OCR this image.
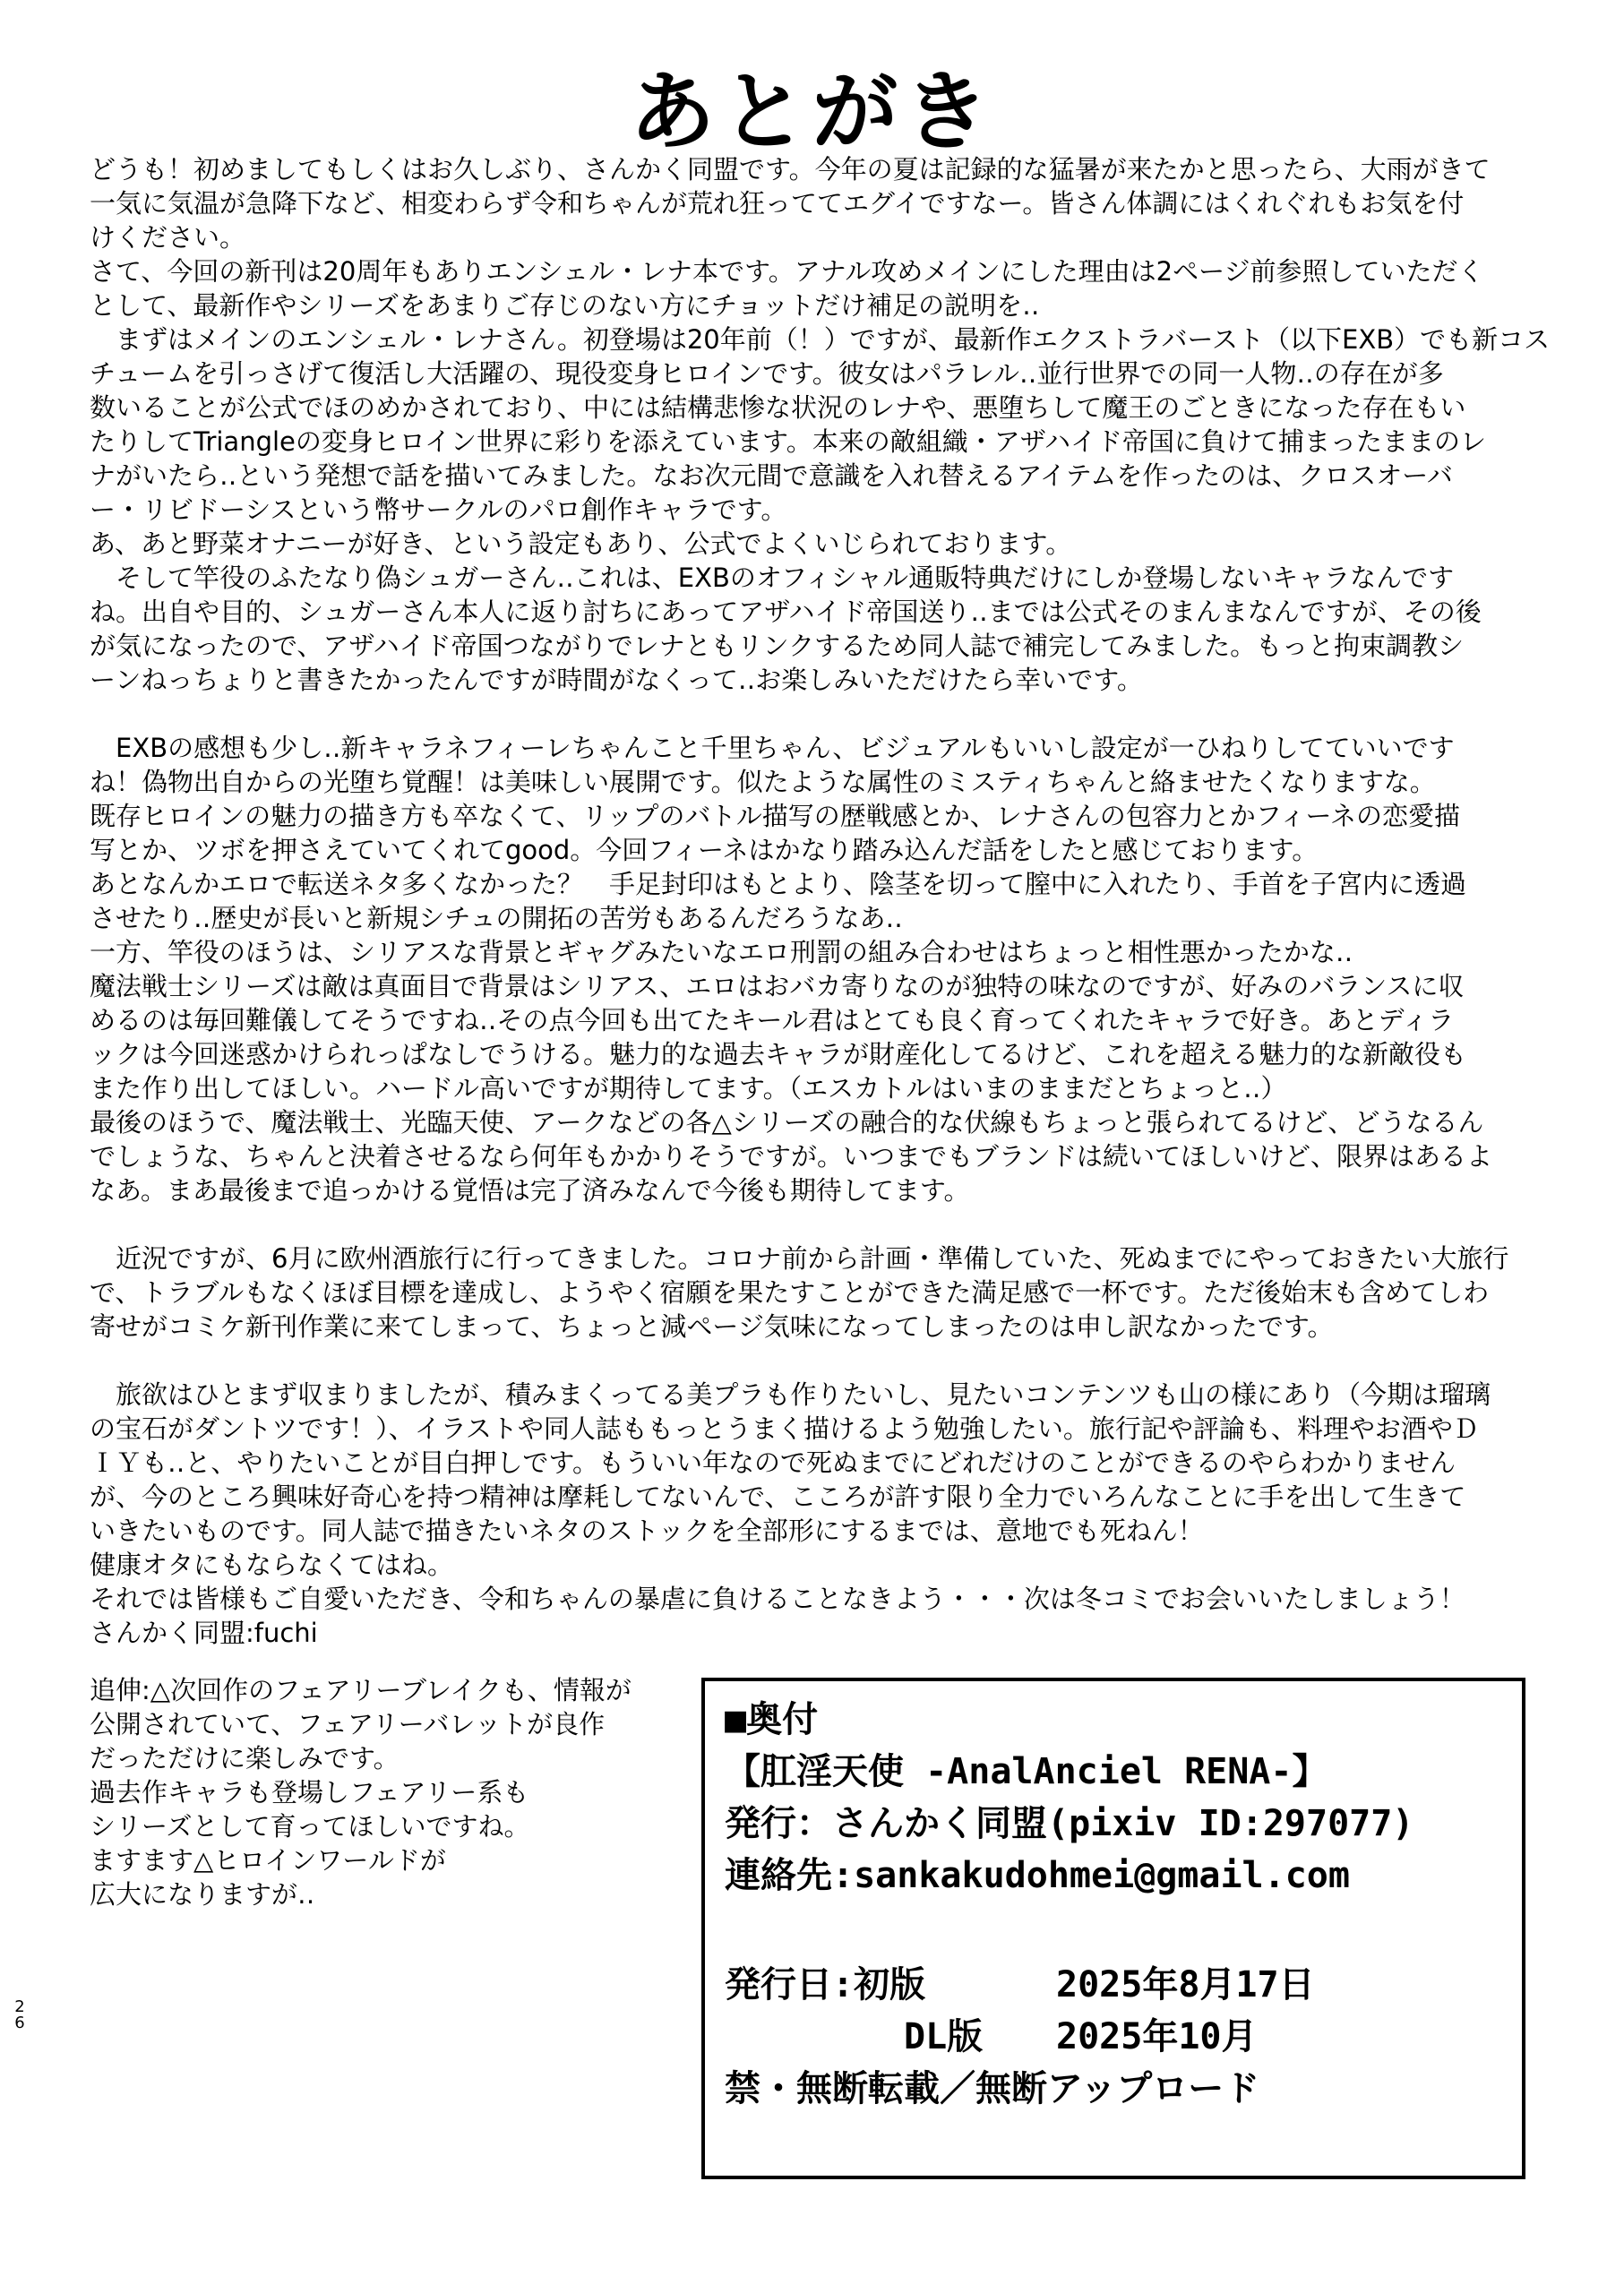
あとがき
どうも！初めましてもしくはお久しぶり、さんかく同盟です。今年の夏は記録的な猛暑が来たかと思ったら、大雨がきて
一気に気温が急降下など、相変わらず令和ちゃんが荒れ狂っててエグイですなー。皆さん体調にはくれぐれもお気を付
けください。
さて、今回の新刊は20周年もありエンシェル・レナ本です。アナル攻めメインにした理由は2ページ前参照していただく
として、最新作やシリーズをあまりご存じのない方にチョットだけ補足の説明を‥
　まずはメインのエンシェル・レナさん。初登場は20年前（！）ですが、最新作エクストラバースト（以下EXB）でも新コス
チュームを引っさげて復活し大活躍の、現役変身ヒロインです。彼女はパラレル‥並行世界での同一人物‥の存在が多
数いることが公式でほのめかされており、中には結構悲惨な状況のレナや、悪堕ちして魔王のごときになった存在もい
たりしてTriangleの変身ヒロイン世界に彩りを添えています。本来の敵組織・アザハイド帝国に負けて捕まったままのレ
ナがいたら‥という発想で話を描いてみました。なお次元間で意識を入れ替えるアイテムを作ったのは、クロスオーバ
ー・リビドーシスという幣サークルのパロ創作キャラです。
あ、あと野菜オナニーが好き、という設定もあり、公式でよくいじられております。
　そして竿役のふたなり偽シュガーさん‥これは、EXBのオフィシャル通販特典だけにしか登場しないキャラなんです
ね。出自や目的、シュガーさん本人に返り討ちにあってアザハイド帝国送り‥までは公式そのまんまなんですが、その後
が気になったので、アザハイド帝国つながりでレナともリンクするため同人誌で補完してみました。もっと拘束調教シ
ーンねっちょりと書きたかったんですが時間がなくって‥お楽しみいただけたら幸いです。
　EXBの感想も少し‥新キャラネフィーレちゃんこと千里ちゃん、ビジュアルもいいし設定が一ひねりしてていいです
ね！偽物出自からの光堕ち覚醒！は美味しい展開です。似たような属性のミスティちゃんと絡ませたくなりますな。
既存ヒロインの魅力の描き方も卒なくて、リップのバトル描写の歴戦感とか、レナさんの包容力とかフィーネの恋愛描
写とか、ツボを押さえていてくれてgood。今回フィーネはかなり踏み込んだ話をしたと感じております。
あとなんかエロで転送ネタ多くなかった？　手足封印はもとより、陰茎を切って膣中に入れたり、手首を子宮内に透過
させたり‥歴史が長いと新規シチュの開拓の苦労もあるんだろうなあ‥
一方、竿役のほうは、シリアスな背景とギャグみたいなエロ刑罰の組み合わせはちょっと相性悪かったかな‥
魔法戦士シリーズは敵は真面目で背景はシリアス、エロはおバカ寄りなのが独特の味なのですが、好みのバランスに収
めるのは毎回難儀してそうですね‥その点今回も出てたキール君はとても良く育ってくれたキャラで好き。あとディラ
ックは今回迷惑かけられっぱなしでうける。魅力的な過去キャラが財産化してるけど、これを超える魅力的な新敵役も
また作り出してほしい。ハードル高いですが期待してます。（エスカトルはいまのままだとちょっと‥）
最後のほうで、魔法戦士、光臨天使、アークなどの各△シリーズの融合的な伏線もちょっと張られてるけど、どうなるん
でしょうな、ちゃんと決着させるなら何年もかかりそうですが。いつまでもブランドは続いてほしいけど、限界はあるよ
なあ。まあ最後まで追っかける覚悟は完了済みなんで今後も期待してます。
　近況ですが、6月に欧州酒旅行に行ってきました。コロナ前から計画・準備していた、死ぬまでにやっておきたい大旅行
で、トラブルもなくほぼ目標を達成し、ようやく宿願を果たすことができた満足感で一杯です。ただ後始末も含めてしわ
寄せがコミケ新刊作業に来てしまって、ちょっと減ページ気味になってしまったのは申し訳なかったです。
　旅欲はひとまず収まりましたが、積みまくってる美プラも作りたいし、見たいコンテンツも山の様にあり（今期は瑠璃
の宝石がダントツです！）、イラストや同人誌ももっとうまく描けるよう勉強したい。旅行記や評論も、料理やお酒やＤ
ＩＹも‥と、やりたいことが目白押しです。もういい年なので死ぬまでにどれだけのことができるのやらわかりません
が、今のところ興味好奇心を持つ精神は摩耗してないんで、こころが許す限り全力でいろんなことに手を出して生きて
いきたいものです。同人誌で描きたいネタのストックを全部形にするまでは、意地でも死ねん！
健康オタにもならなくてはね。
それでは皆様もご自愛いただき、令和ちゃんの暴虐に負けることなきよう・・・次は冬コミでお会いいたしましょう！
さんかく同盟:fuchi
追伸:△次回作のフェアリーブレイクも、情報が
公開されていて、フェアリーバレットが良作
だっただけに楽しみです。
過去作キャラも登場しフェアリー系も
シリーズとして育ってほしいですね。
ますます△ヒロインワールドが
広大になりますが‥
■奥付
【肛淫天使 -AnalAnciel RENA-】
発行：さんかく同盟(pixiv ID:297077)
連絡先:sankakudohmei@gmail.com
発行日:初版	2025年8月17日
DL版	2025年10月
禁・無断転載／無断アップロード
26
